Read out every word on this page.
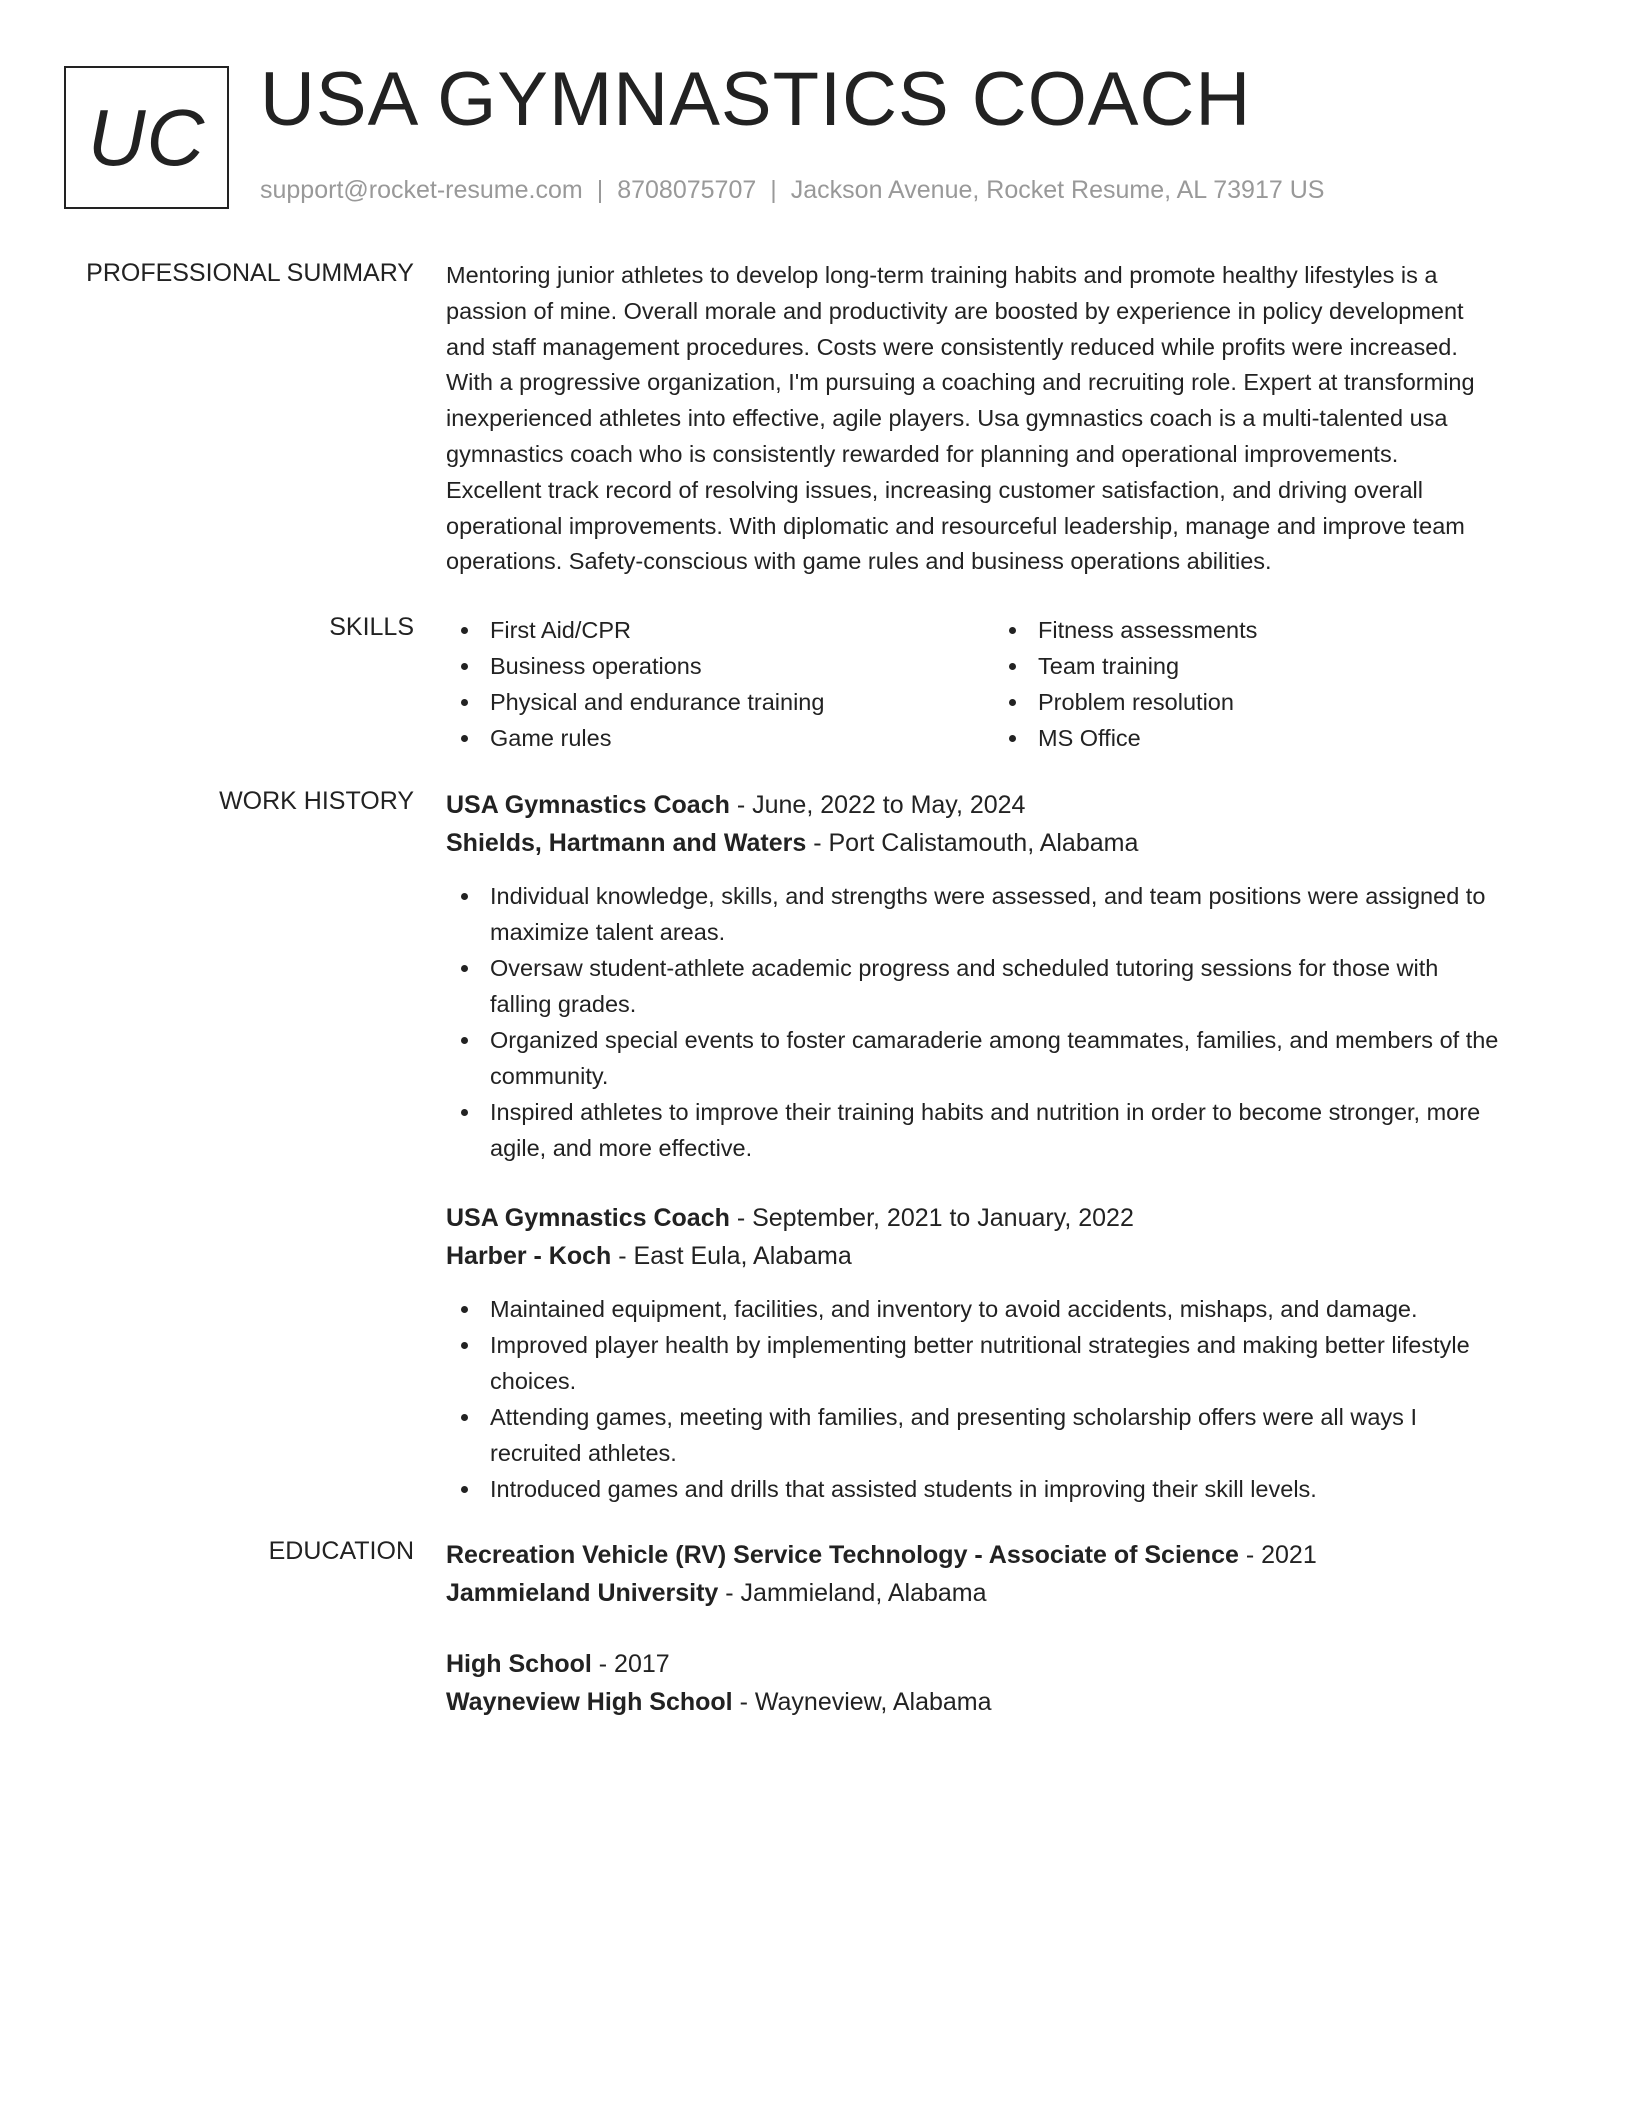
UC USA GYMNASTICS COACH
support@rocket-resume.com | 8708075707 | Jackson Avenue, Rocket Resume, AL 73917 US
PROFESSIONAL SUMMARY Mentoring junior athletes to develop long-term training habits and promote healthy lifestyles is a
passion of mine. Overall morale and productivity are boosted by experience in policy development
and staff management procedures. Costs were consistently reduced while profits were increased.
With a progressive organization, I'm pursuing a coaching and recruiting role. Expert at transforming
inexperienced athletes into effective, agile players. Usa gymnastics coach is a multi-talented usa
gymnastics coach who is consistently rewarded for planning and operational improvements.
Excellent track record of resolving issues, increasing customer satisfaction, and driving overall
operational improvements. With diplomatic and resourceful leadership, manage and improve team
operations. Safety-conscious with game rules and business operations abilities.
SKILLS	First Aid/CPR
Business operations
Physical and endurance training
Game rules
Fitness assessments
Team training
Problem resolution
MS Office
WORK HISTORY USA Gymnastics Coach - June, 2022 to May, 2024
Shields, Hartmann and Waters - Port Calistamouth, Alabama
Individual knowledge, skills, and strengths were assessed, and team positions were assigned to
maximize talent areas.
Oversaw student-athlete academic progress and scheduled tutoring sessions for those with
falling grades.
Organized special events to foster camaraderie among teammates, families, and members of the
community.
Inspired athletes to improve their training habits and nutrition in order to become stronger, more
agile, and more effective.
USA Gymnastics Coach - September, 2021 to January, 2022
Harber - Koch - East Eula, Alabama
Maintained equipment, facilities, and inventory to avoid accidents, mishaps, and damage.
Improved player health by implementing better nutritional strategies and making better lifestyle
choices.
Attending games, meeting with families, and presenting scholarship offers were all ways I
recruited athletes.
Introduced games and drills that assisted students in improving their skill levels.
EDUCATION Recreation Vehicle (RV) Service Technology - Associate of Science - 2021
Jammieland University - Jammieland, Alabama
High School - 2017
Wayneview High School - Wayneview, Alabama
